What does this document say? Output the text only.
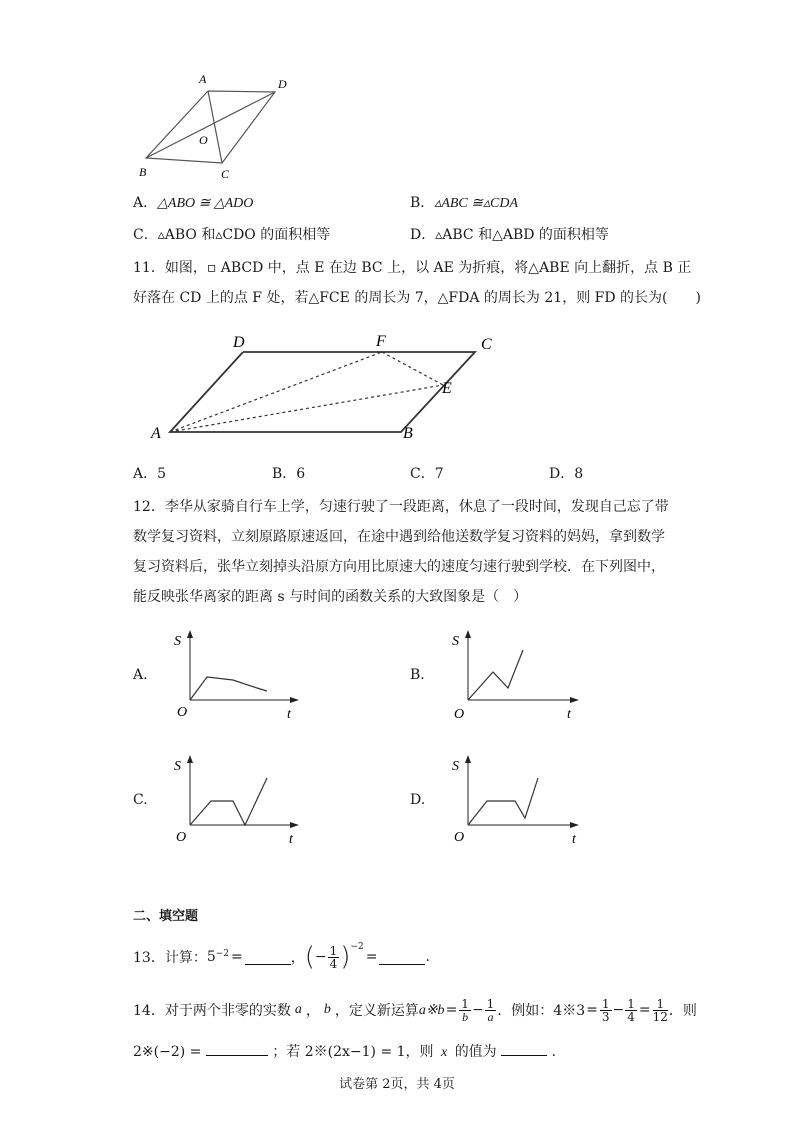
A	D
O
B	C
A．△ABO ≅ △ADO	B．▵ABC ≅▵CDA
C．▵ABO 和▵CDO 的面积相等	D．▵ABC 和△ABD 的面积相等
11．如图，▫ ABCD 中，点 E 在边 BC 上，以 AE 为折痕，将△ABE 向上翻折，点 B 正
好落在 CD 上的点 F 处，若△FCE 的周长为 7，△FDA 的周长为 21，则 FD 的长为(　　)
D	F	C
E
A	B
A．5	B．6	C．7	D．8
12．李华从家骑自行车上学，匀速行驶了一段距离，休息了一段时间，发现自己忘了带
数学复习资料，立刻原路原速返回，在途中遇到给他送数学复习资料的妈妈，拿到数学
复习资料后，张华立刻掉头沿原方向用比原速大的速度匀速行驶到学校．在下列图中，
能反映张华离家的距离 s 与时间的函数关系的大致图象是（　）
A.
S
O	t
B.
S
O	t
C.
S
O	t
D.
S
O	t
二、填空题
13．计算： $5^{-2}$ =	， ( − $\frac{1}{4} )^{-2}$
=	.
14．对于两个非零的实数 a ， b ，定义新运算 a※b = $\frac{1}{b} - \frac{1}{a}$ ．例如：4※3 = $\frac{1}{3} - \frac{1}{4} = \frac{1}{12}$ ．则
2※(−2) =	；若 2※(2x−1) = 1，则 x 的值为	.
试卷第 2页，共 4页
